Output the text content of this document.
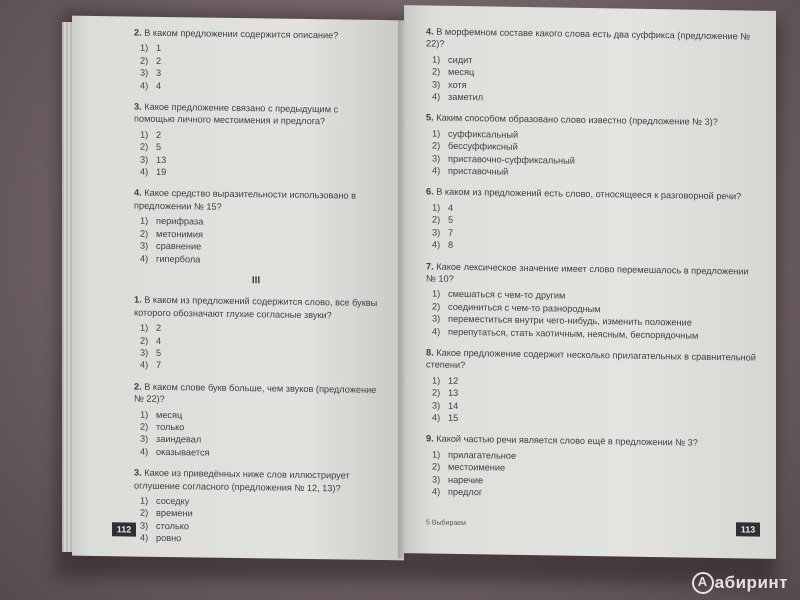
2. В каком предложении содержится описание?
1) 1
2) 2
3) 3
4) 4
3. Какое предложение связано с предыдущим с помощью личного местоимения и предлога?
1) 2
2) 5
3) 13
4) 19
4. Какое средство выразительности использовано в предложении № 15?
1) перифраза
2) метонимия
3) сравнение
4) гипербола
III
1. В каком из предложений содержится слово, все буквы которого обозначают глухие согласные звуки?
1) 2
2) 4
3) 5
4) 7
2. В каком слове букв больше, чем звуков (предложение № 22)?
1) месяц
2) только
3) заиндевал
4) оказывается
3. Какое из приведённых ниже слов иллюстрирует оглушение согласного (предложения № 12, 13)?
1) соседку
2) времени
3) столько
4) ровно
112
4. В морфемном составе какого слова есть два суффикса (предложение № 22)?
1) сидит
2) месяц
3) хотя
4) заметил
5. Каким способом образовано слово известно (предложение № 3)?
1) суффиксальный
2) бессуффиксный
3) приставочно-суффиксальный
4) приставочный
6. В каком из предложений есть слово, относящееся к разговорной речи?
1) 4
2) 5
3) 7
4) 8
7. Какое лексическое значение имеет слово перемешалось в предложении № 10?
1) смешаться с чем-то другим
2) соединиться с чем-то разнородным
3) переместиться внутри чего-нибудь, изменить положение
4) перепутаться, стать хаотичным, неясным, беспорядочным
8. Какое предложение содержит несколько прилагательных в сравнительной степени?
1) 12
2) 13
3) 14
4) 15
9. Какой частью речи является слово ещё в предложении № 3?
1) прилагательное
2) местоимение
3) наречие
4) предлог
5 Выбираем
113
А абиринт
